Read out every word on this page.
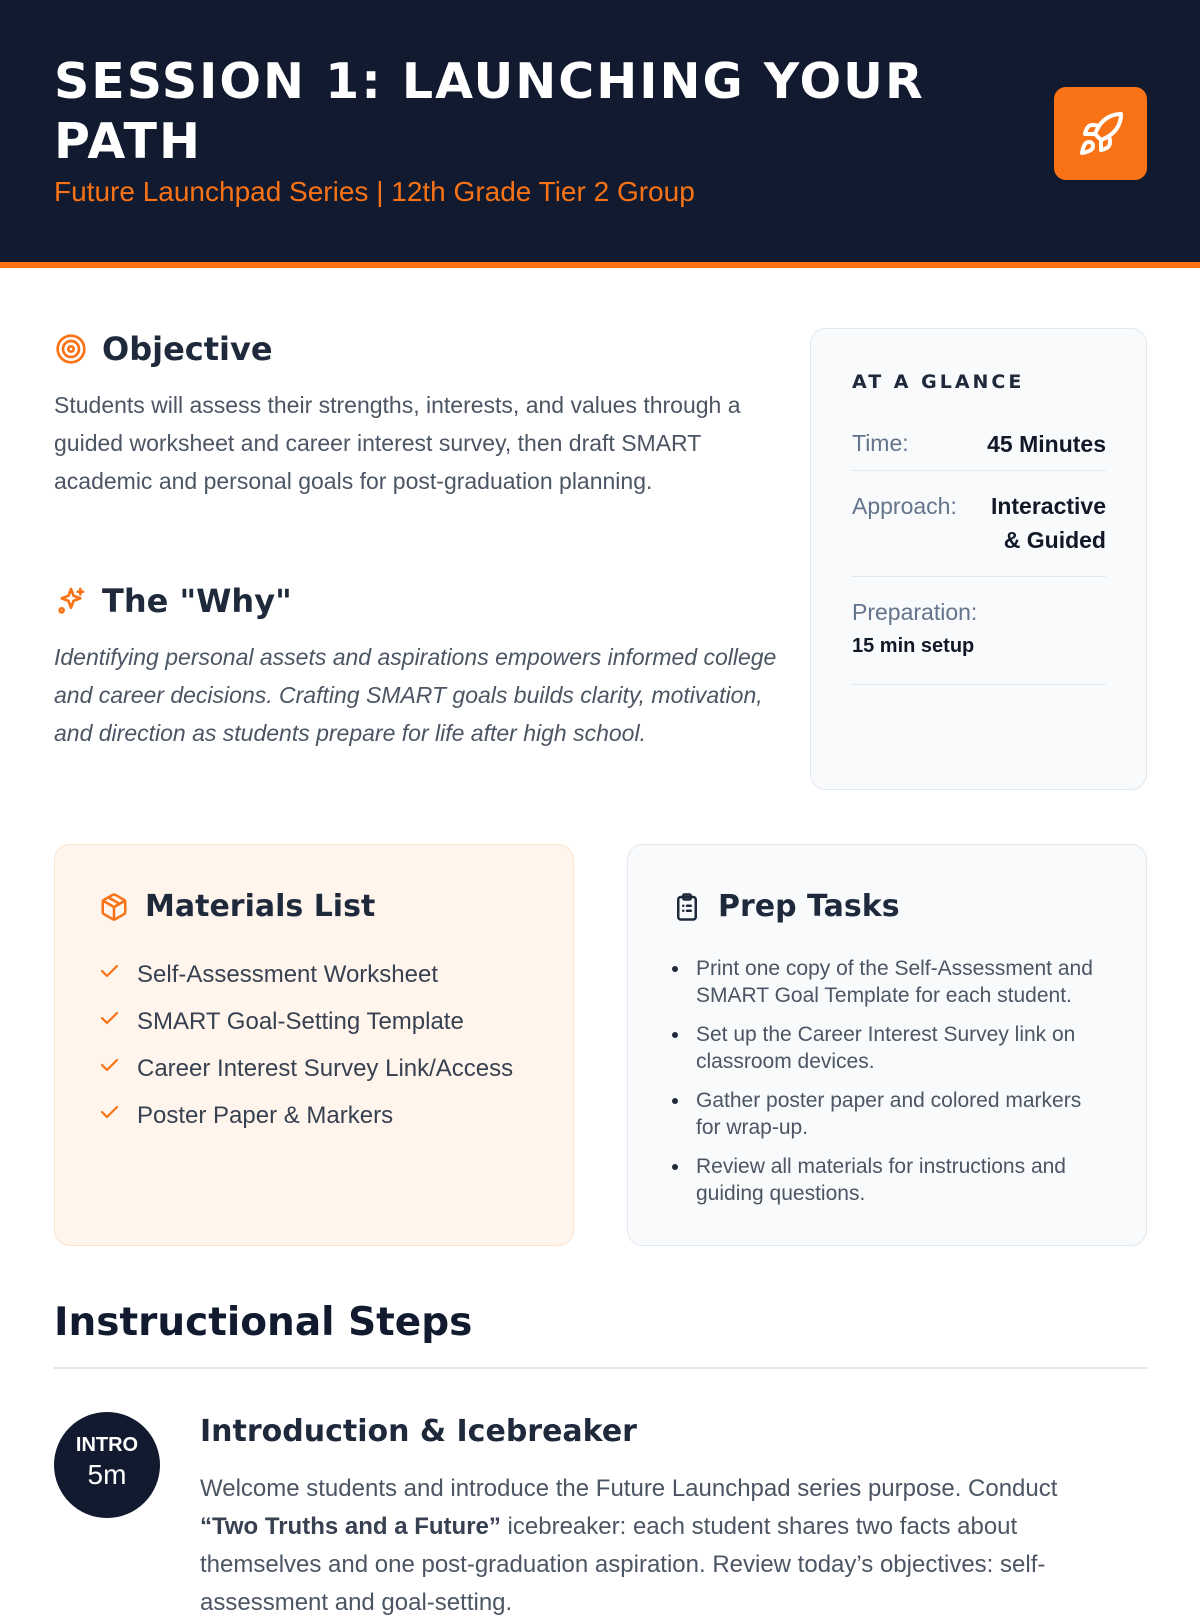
SESSION 1: LAUNCHING YOUR PATH
Future Launchpad Series | 12th Grade Tier 2 Group
Objective

Students will assess their strengths, interests, and values through a guided worksheet and career interest survey, then draft SMART academic and personal goals for post-graduation planning.

The "Why"

Identifying personal assets and aspirations empowers informed college and career decisions. Crafting SMART goals builds clarity, motivation, and direction as students prepare for life after high school.

AT A GLANCE
Time:	45 Minutes
Approach: Interactive
& Guided
Preparation:
15 min setup
Materials List
Self-Assessment Worksheet
SMART Goal-Setting Template
Career Interest Survey Link/Access
Poster Paper & Markers
Prep Tasks
Print one copy of the Self-Assessment and SMART Goal Template for each student.
Set up the Career Interest Survey link on classroom devices.
Gather poster paper and colored markers for wrap-up.
Review all materials for instructions and guiding questions.
Instructional Steps
INTRO
5m
Introduction & Icebreaker

Welcome students and introduce the Future Launchpad series purpose. Conduct “Two Truths and a Future” icebreaker: each student shares two facts about themselves and one post-graduation aspiration. Review today’s objectives: self-assessment and goal-setting.
